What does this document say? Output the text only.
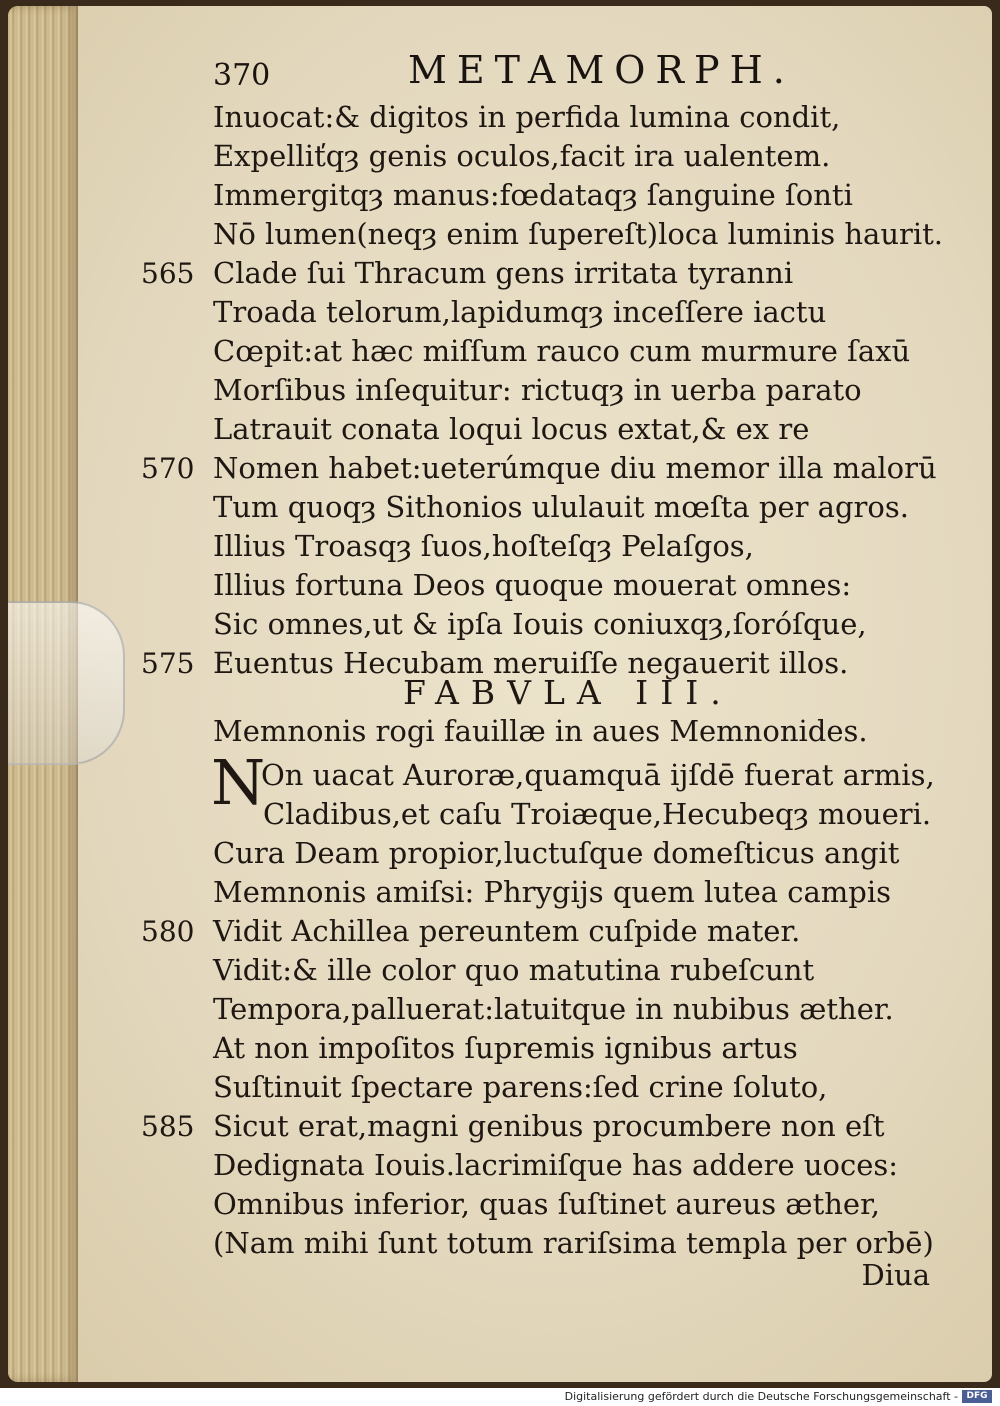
370	METAMORPH.
Inuocat:& digitos in perfida lumina condit,
Expelliťqȝ genis oculos,facit ira ualentem.
Immergitqȝ manus:fœdataqȝ ſanguine ſonti
Nō lumen(neqȝ enim ſupereſt)loca luminis haurit.
565 Clade ſui Thracum gens irritata tyranni
Troada telorum,lapidumqȝ inceſſere iactu
Cœpit:at hæc miſſum rauco cum murmure ſaxū
Morſibus inſequitur: rictuqȝ in uerba parato
Latrauit conata loqui locus extat,& ex re
570 Nomen habet:ueterúmque diu memor illa malorū
Tum quoqȝ Sithonios ululauit mœſta per agros.
Illius Troasqȝ ſuos,hoſteſqȝ Pelaſgos,
Illius fortuna Deos quoque mouerat omnes:
Sic omnes,ut & ipſa Iouis coniuxqȝ,ſoróſque,
575 Euentus Hecubam meruiſſe negauerit illos.
FABVLA III.
Memnonis rogi fauillæ in aues Memnonides.
N
On uacat Auroræ,quamquā ijſdē fuerat armis,
Cladibus,et caſu Troiæque,Hecubeqȝ moueri.
Cura Deam propior,luctuſque domeſticus angit
Memnonis amiſsi: Phrygijs quem lutea campis
580 Vidit Achillea pereuntem cuſpide mater.
Vidit:& ille color quo matutina rubeſcunt
Tempora,palluerat:latuitque in nubibus æther.
At non impoſitos ſupremis ignibus artus
Suſtinuit ſpectare parens:ſed crine ſoluto,
585 Sicut erat,magni genibus procumbere non eſt
Dedignata Iouis.lacrimiſque has addere uoces:
Omnibus inferior, quas ſuſtinet aureus æther,
(Nam mihi ſunt totum rariſsima templa per orbē)
Diua
Digitalisierung gefördert durch die Deutsche Forschungsgemeinschaft - DFG
